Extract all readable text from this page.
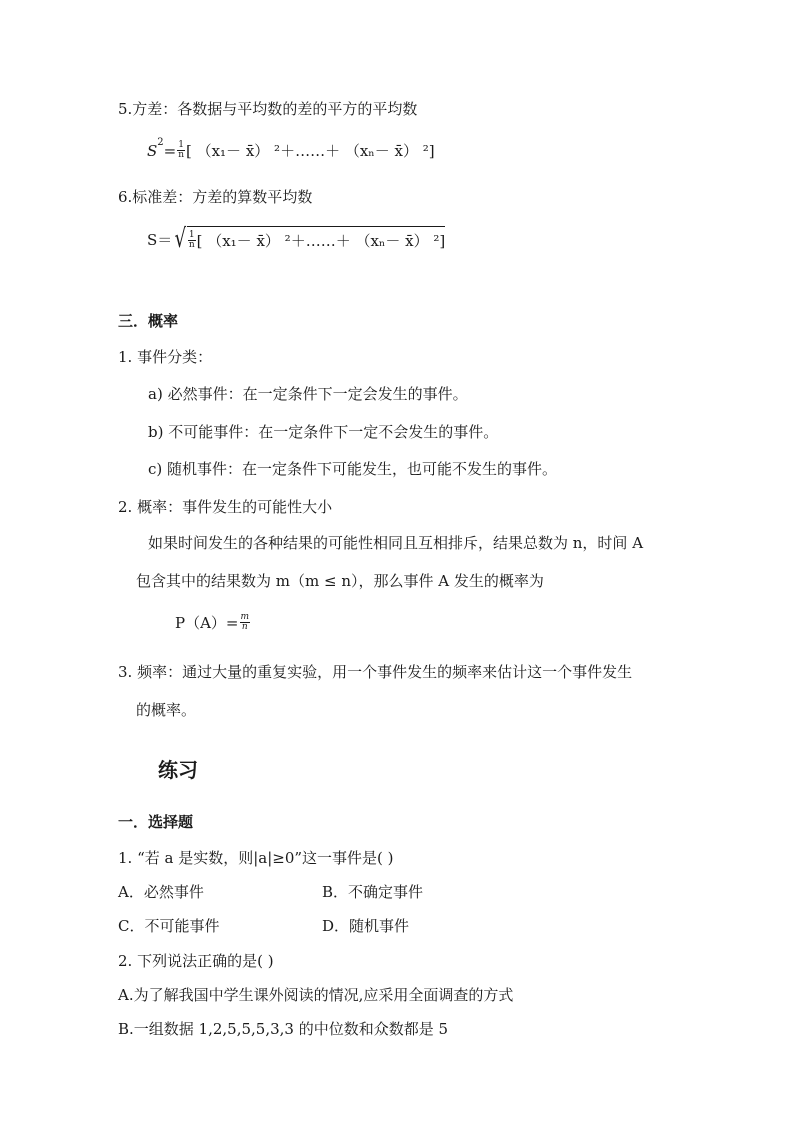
5.方差：各数据与平均数的差的平方的平均数
S $2 = \frac{1}{n}$ [ （x₁－ x̄） ²＋……＋ （xₙ－ x̄） ²]
6.标准差：方差的算数平均数
S＝ √ $\frac{1}{n}$ [ （x₁－ x̄） ²＋……＋ （xₙ－ x̄） ²]
三．概率
1. 事件分类：
a) 必然事件：在一定条件下一定会发生的事件。
b) 不可能事件：在一定条件下一定不会发生的事件。
c) 随机事件：在一定条件下可能发生，也可能不发生的事件。
2. 概率：事件发生的可能性大小
如果时间发生的各种结果的可能性相同且互相排斥，结果总数为 n，时间 A
包含其中的结果数为 m（m ≤ n），那么事件 A 发生的概率为
$P(A)= \frac{m}{n}$
3. 频率：通过大量的重复实验，用一个事件发生的频率来估计这一个事件发生
的概率。
练习
一．选择题
1. “若 a 是实数，则|a|≥0”这一事件是( )
A．必然事件	B．不确定事件
C．不可能事件	D．随机事件
2. 下列说法正确的是( )
A.为了解我国中学生课外阅读的情况,应采用全面调查的方式
B.一组数据 1,2,5,5,5,3,3 的中位数和众数都是 5
